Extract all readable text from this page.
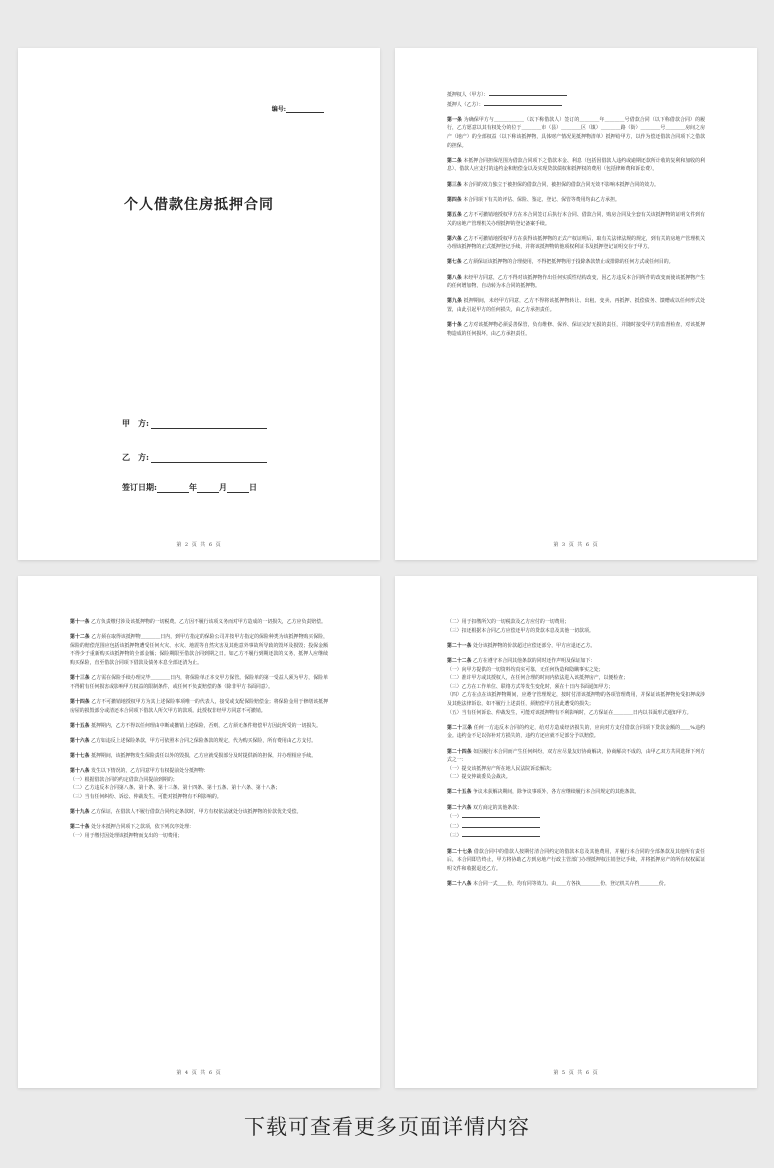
编号:
个人借款住房抵押合同
甲　方:
乙　方:
签订日期:	年	月	日
第 2 页 共 6 页

抵押权人（甲方）：

抵押人（乙方）：

第一条 为确保甲方与＿＿＿＿＿＿（以下称借款人）签订的＿＿＿＿年＿＿＿＿号借款合同（以下称借款合同）的履行，乙方愿意以其有权处分的位于＿＿＿＿市（县）＿＿＿＿区（镇）＿＿＿＿路（街）＿＿＿＿号＿＿＿＿房间之房产（地产）的全部权益（以下称该抵押物，具体财产情况见抵押物清单）抵押给甲方，以作为偿还借款合同项下之借款的担保。

第二条 本抵押合同担保范围为借款合同项下之借款本金、利息（包括因借款人违约或逾期还款所计收的复利和加收的利息）、借款人应支付的违约金和赔偿金以及实现贷款债权和抵押权的费用（包括律师费和诉讼费）。

第三条 本合同的效力独立于被担保的借款合同，被担保的借款合同无效不影响本抵押合同的效力。

第四条 本合同项下有关的评估、保险、鉴定、登记、保管等费用均由乙方承担。

第五条 乙方不可撤销地授权甲方在本合同签订后执行本合同、借款合同，购房合同及全套有关该抵押物的证明文件到有关的房地产管理机关办理抵押的登记备案手续。

第六条 乙方不可撤销地授权甲方在获得该抵押物的正式产权证明后，取有关法律法规的规定，到有关的房地产管理机关办理该抵押物的正式抵押登记手续，并将该抵押物的他项权利证书及抵押登记证明交存于甲方。

第七条 乙方须保证该抵押物的合理使用，不得把抵押物用于投除条款禁止或排除的任何方式或任何目的。

第八条 未经甲方同意，乙方不得对该抵押物作出任何实质性结构改变，因乙方违反本合同所作的改变而使该抵押物产生的任何增加物，自动转为本合同的抵押物。

第九条 抵押期间，未经甲方同意，乙方不得将该抵押物转让、出租、变卖、再抵押、抵偿债务、馈赠或以任何形式处置，由此引起甲方的任何损失，由乙方承担责任。

第十条 乙方对该抵押物必须妥善保管，负有维修、保养、保证完好无损的责任，并随时接受甲方的监督检查，对该抵押物造成的任何损坏，由乙方承担责任。

第 3 页 共 6 页

第十一条 乙方负责缴付涉及该抵押物的一切税费。乙方因不履行该项义务而对甲方造成的一切损失，乙方应负责赔偿。

第十二条 乙方须在取得该抵押物＿＿＿＿日内，到甲方指定的保险公司并按甲方指定的保险种类为该抵押物购买保险，保险的赔偿范围应包括该抵押物遭受任何火灾、水灾、地震等自然灾害及其他意外事故所导致的毁坏及损毁；投保金额不得少于重新购买该抵押物的全部金额；保险期限至借款合同到期之日。如乙方不履行到期还款的义务，抵押人应继续购买保险，直至借款合同项下借款及债务本息全部还清为止。

第十三条 乙方需在保险手续办理完毕＿＿＿＿日内，将保险单正本交甲方保管。保险单的第一受益人须为甲方，保险单不得附有任何损害或影响甲方权益的限制条件，或任何不负责赔偿的条（除非甲方书面同意）。

第十四条 乙方不可撤销地授权甲方为其上述保险事项唯一的代表人，接受或支配保险赔偿金；将保险金用于修缮该抵押房屋的损毁部分或清还本合同项下借款人所欠甲方的款项。此授权非经甲方同意不可撤销。

第十五条 抵押期内，乙方不得以任何理由中断或撤销上述保险，否则，乙方须无条件赔偿甲方因此所受的一切损失。

第十六条 乙方如违反上述保险条款，甲方可依照本合同之保险条款的规定，代为购买保险，所有费用由乙方支付。

第十七条 抵押期间，该抵押物发生保险责任以外的毁损，乙方应就受损部分及时提供新的担保，并办理相应手续。

第十八条 发生以下情况的，乙方同意甲方有权提前处分抵押物：

（一）根据借款合同的约定借款合同提前到期的；

（二）乙方违反本合同第八条、第十条、第十三条、第十四条、第十五条、第十六条、第十八条；

（三）当有任何纠纷、诉讼、仲裁发生，可能对抵押物有不利影响的。

第十九条 乙方保证，在借款人不履行借款合同约定条款时，甲方有权依法就处分该抵押物的价款优先受偿。

第二十条 处分本抵押合同项下之款项，依下列次序处理：

（一）用于缴付因处理该抵押物而支出的一切费用；

第 4 页 共 6 页

（二）用于扣缴所欠的一切税款及乙方应付的一切费用；

（三）扣还根据本合同乙方应偿还甲方的贷款本息及其他一切款项。

第二十一条 处分该抵押物的价款超过应偿还部分，甲方应退还乙方。

第二十二条 乙方在遵守本合同其他条款的同时还作声明及保证如下：

（一）向甲方提供的一切资料均真实可靠，无任何伪造和隐瞒事实之处；

（二）准许甲方或其授权人，在任何合理的时间内依法进入该抵押房产，以便检查；

（三）乙方在工作单位、联络方式等发生变化时，须在十日内书面通知甲方；

（四）乙方在点在该抵押物期间，应遵守管理规定，按时付清该抵押物的各项管理费用，并保证该抵押物免受扣押或涉及其他法律诉讼，如不履行上述责任，须赔偿甲方因此遭受的损失；

（五）当有任何诉讼、仲裁发生，可能对该抵押物有不利影响时，乙方保证在＿＿＿＿日内以书面形式通知甲方。

第二十三条 任何一方违反本合同的约定，给对方造成经济损失的，应向对方支付借款合同项下贷款金额的＿＿%违约金。违约金不足以弥补对方损失的，违约方还应就不足部分予以赔偿。

第二十四条 如因履行本合同而产生任何纠纷，双方应尽量友好协商解决，协商解决不成的，由甲乙双方共同选择下列方式之一：

（一）提交该抵押房产所在地人民法院诉讼解决；

（二）提交仲裁委员会裁决。

第二十五条 争议未获解决期间，除争议事项外，各方应继续履行本合同规定的其他条款。

第二十六条 双方商定的其他条款：

（一）

（二）

（三）

第二十七条 借款合同中的借款人按期付清合同约定的借款本息及其他费用，并履行本合同的全部条款及其他所有责任后，本合同即告终止，甲方将协助乙方到房地产行政主管部门办理抵押权注销登记手续，并将抵押房产的所有权权属证明文件和收据退还乙方。

第二十八条 本合同一式＿＿份，均有同等效力。由＿＿方各执＿＿＿＿份，登记机关存档＿＿＿＿份。

第 5 页 共 6 页
下载可查看更多页面详情内容
